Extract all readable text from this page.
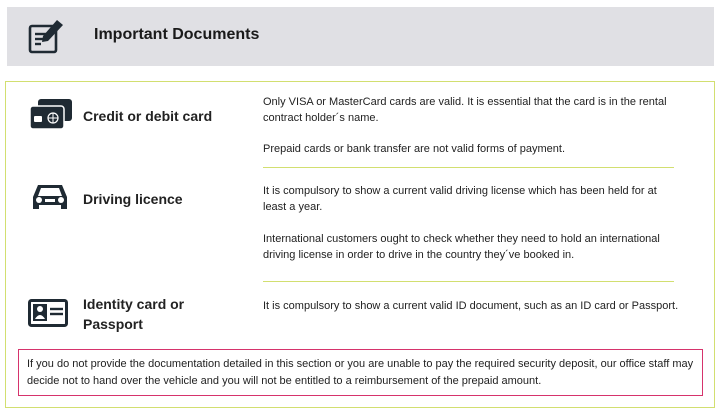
Important Documents
Credit or debit card
Only VISA or MasterCard cards are valid. It is essential that the card is in the rental contract holder´s name.
Prepaid cards or bank transfer are not valid forms of payment.
Driving licence	It is compulsory to show a current valid driving license which has been held for at least a year.
International customers ought to check whether they need to hold an international driving license in order to drive in the country they´ve booked in.
Identity card or
Passport
It is compulsory to show a current valid ID document, such as an ID card or Passport.
If you do not provide the documentation detailed in this section or you are unable to pay the required security deposit, our office staff may decide not to hand over the vehicle and you will not be entitled to a reimbursement of the prepaid amount.
